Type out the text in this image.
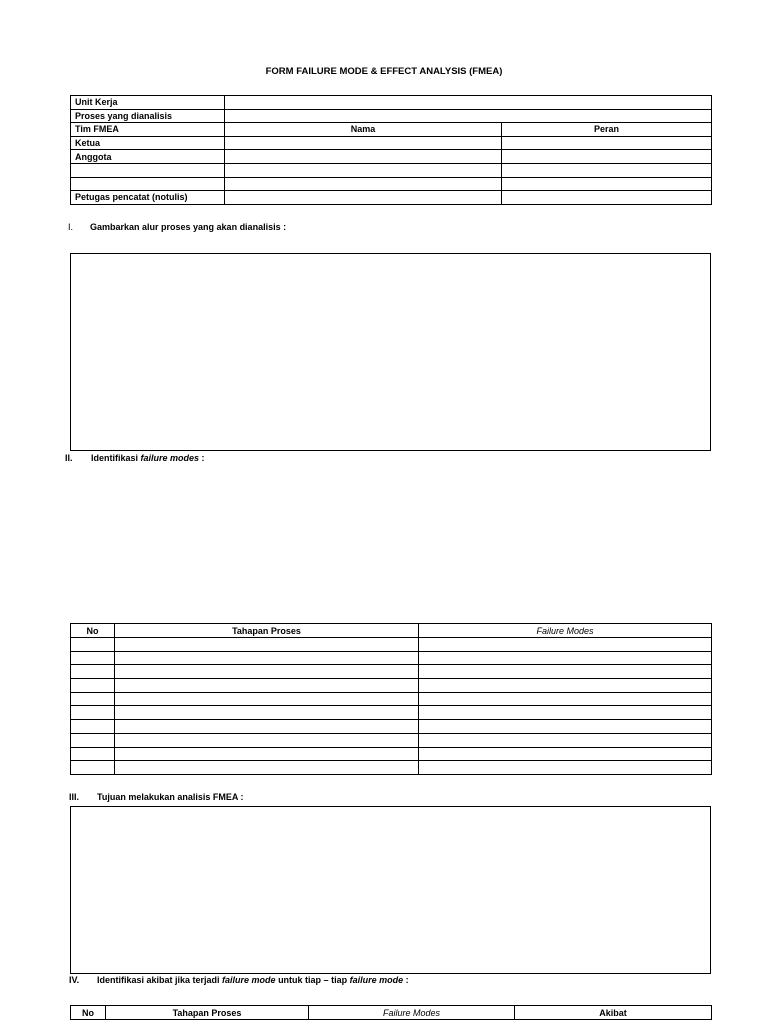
FORM FAILURE MODE & EFFECT ANALYSIS (FMEA)
Unit Kerja		
Proses yang dianalisis		
Tim FMEA	Nama	Peran
Ketua		
Anggota		

Petugas pencatat (notulis)		
I. Gambarkan alur proses yang akan dianalisis :
II. Identifikasi failure modes :
No	Tahapan Proses	Failure Modes

III. Tujuan melakukan analisis FMEA :
IV. Identifikasi akibat jika terjadi failure mode untuk tiap – tiap failure mode :
No	Tahapan Proses	Failure Modes	Akibat
